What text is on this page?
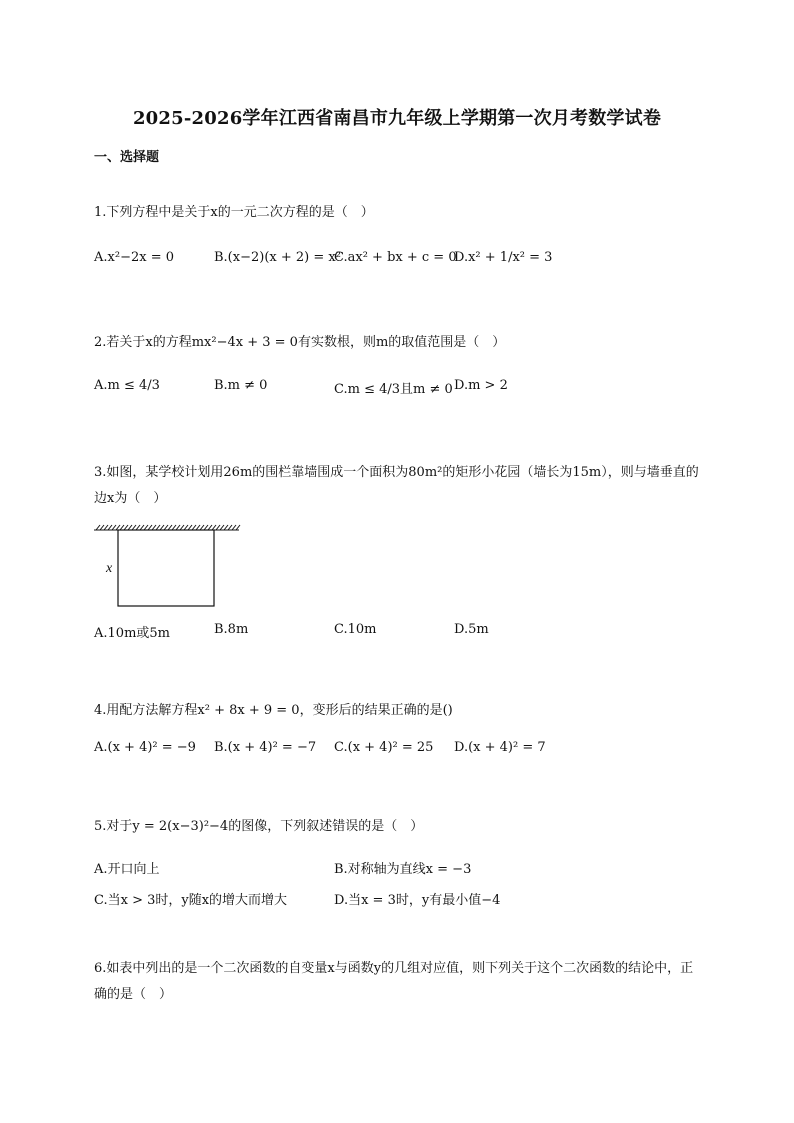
2025-2026学年江西省南昌市九年级上学期第一次月考数学试卷
一、选择题
1.下列方程中是关于x的一元二次方程的是（　）
A.x²−2x = 0	B.(x−2)(x + 2) = x²
C.ax² + bx + c = 0
D.x² + 1/x² = 3
2.若关于x的方程mx²−4x + 3 = 0有实数根，则m的取值范围是（　）
A.m ≤ 4/3	B.m ≠ 0	C.m ≤ 4/3且m ≠ 0 D.m > 2
3.如图，某学校计划用26m的围栏靠墙围成一个面积为80m²的矩形小花园（墙长为15m），则与墙垂直的边x为（　）
x
A.10m或5m	B.8m	C.10m	D.5m
4.用配方法解方程x² + 8x + 9 = 0，变形后的结果正确的是()
A.(x + 4)² = −9 B.(x + 4)² = −7 C.(x + 4)² = 25 D.(x + 4)² = 7
5.对于y = 2(x−3)²−4的图像，下列叙述错误的是（　）
A.开口向上	B.对称轴为直线x = −3
C.当x > 3时，y随x的增大而增大	D.当x = 3时，y有最小值−4
6.如表中列出的是一个二次函数的自变量x与函数y的几组对应值，则下列关于这个二次函数的结论中，正确的是（　）
